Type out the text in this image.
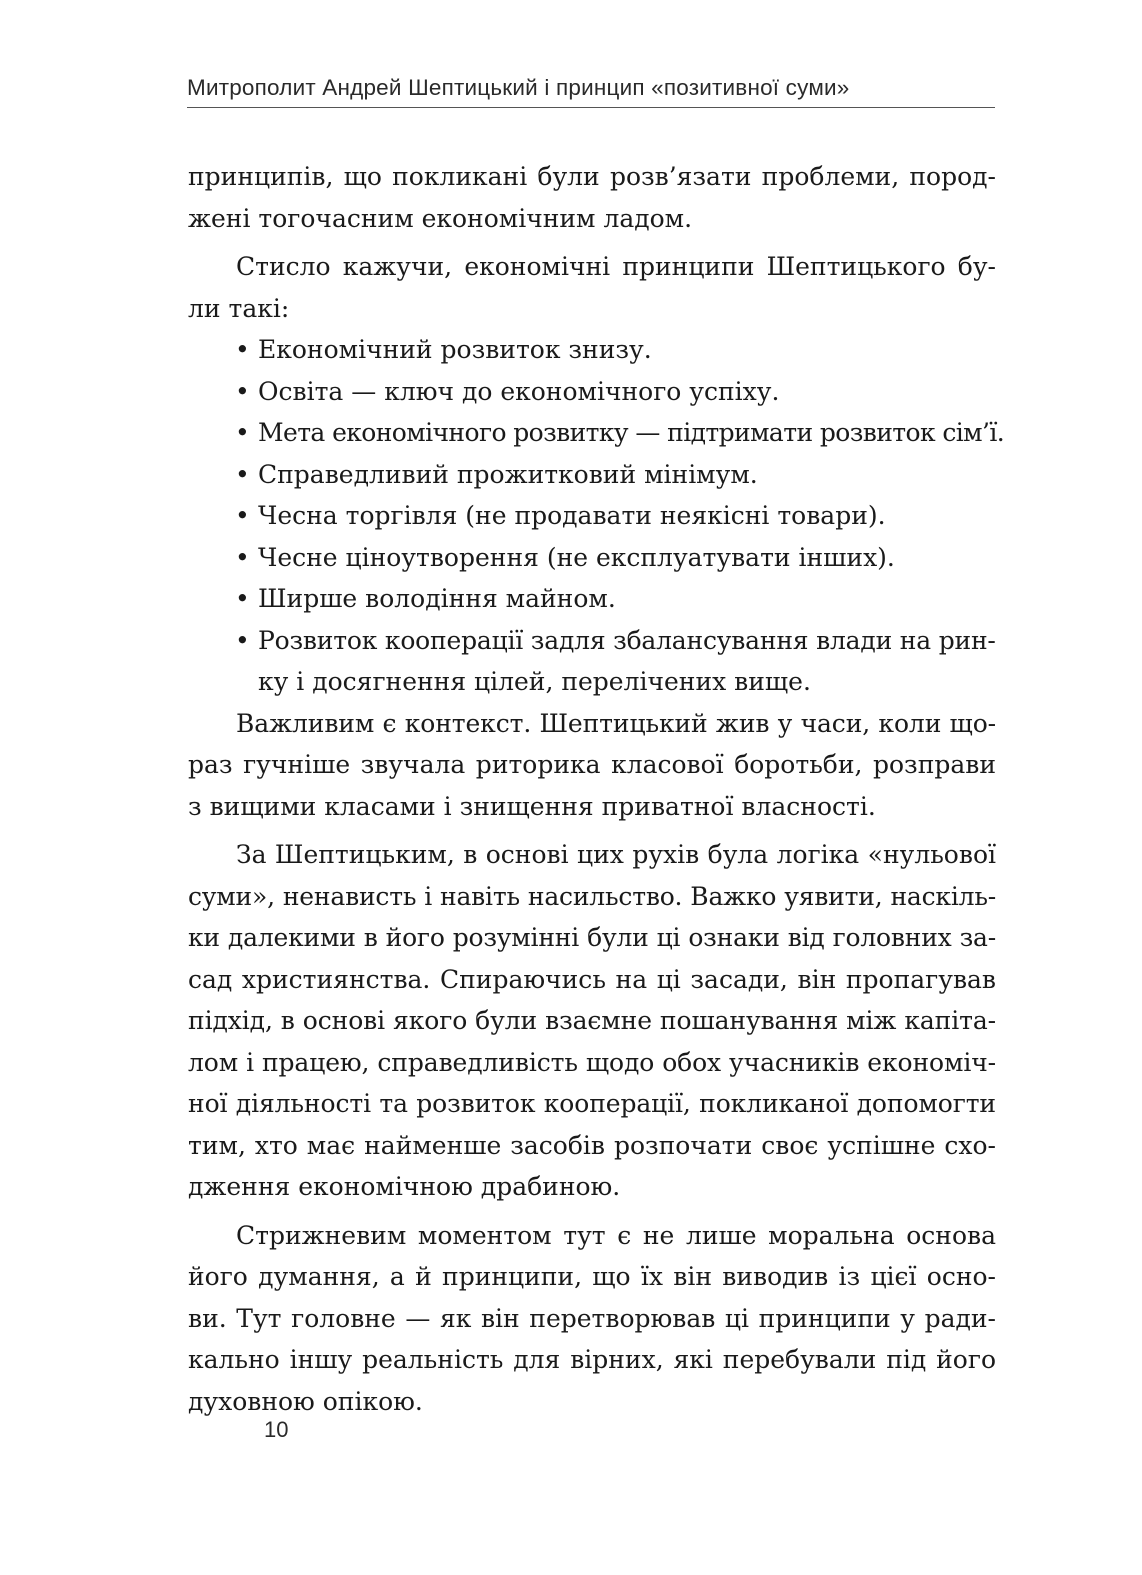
Митрополит Андрей Шептицький і принцип «позитивної суми»
принципів, що покликані були розв’язати проблеми, пород-
жені тогочасним економічним ладом.
Стисло кажучи, економічні принципи Шептицького бу-
ли такі:
• Економічний розвиток знизу.
• Освіта — ключ до економічного успіху.
• Мета економічного розвитку — підтримати розвиток сім’ї.
• Справедливий прожитковий мінімум.
• Чесна торгівля (не продавати неякісні товари).
• Чесне ціноутворення (не експлуатувати інших).
• Ширше володіння майном.
• Розвиток кооперації задля збалансування влади на рин-
ку і досягнення цілей, перелічених вище.
Важливим є контекст. Шептицький жив у часи, коли що-
раз гучніше звучала риторика класової боротьби, розправи
з вищими класами і знищення приватної власності.
За Шептицьким, в основі цих рухів була логіка «нульової
суми», ненависть і навіть насильство. Важко уявити, наскіль-
ки далекими в його розумінні були ці ознаки від головних за-
сад християнства. Спираючись на ці засади, він пропагував
підхід, в основі якого були взаємне пошанування між капіта-
лом і працею, справедливість щодо обох учасників економіч-
ної діяльності та розвиток кооперації, покликаної допомогти
тим, хто має найменше засобів розпочати своє успішне схо-
дження економічною драбиною.
Стрижневим моментом тут є не лише моральна основа
його думання, а й принципи, що їх він виводив із цієї осно-
ви. Тут головне — як він перетворював ці принципи у ради-
кально іншу реальність для вірних, які перебували під його
духовною опікою.
10
